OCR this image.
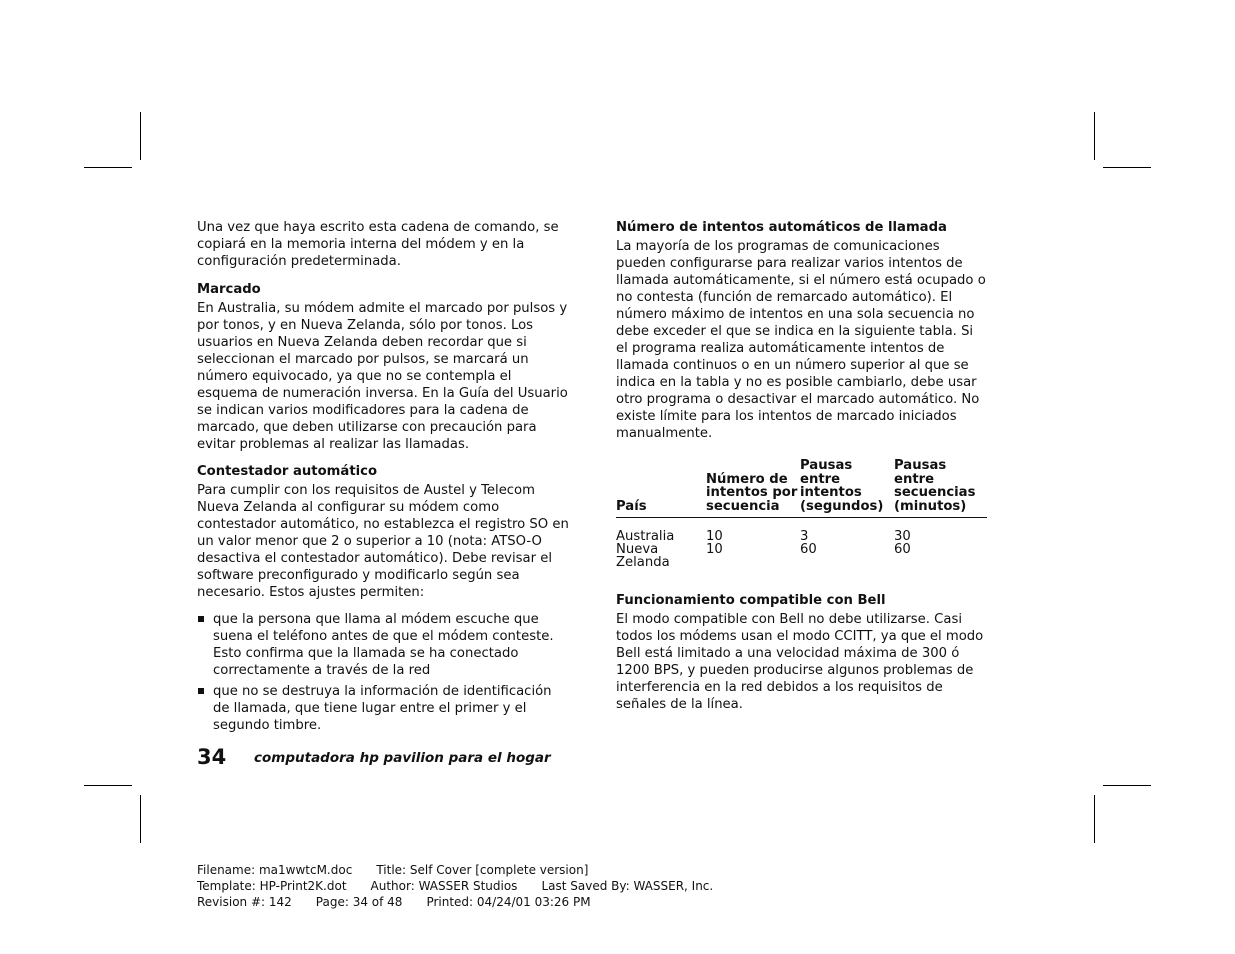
Una vez que haya escrito esta cadena de comando, se copiará en la memoria interna del módem y en la configuración predeterminada.

Marcado

En Australia, su módem admite el marcado por pulsos y por tonos, y en Nueva Zelanda, sólo por tonos. Los usuarios en Nueva Zelanda deben recordar que si seleccionan el marcado por pulsos, se marcará un número equivocado, ya que no se contempla el esquema de numeración inversa. En la Guía del Usuario se indican varios modificadores para la cadena de marcado, que deben utilizarse con precaución para evitar problemas al realizar las llamadas.

Contestador automático

Para cumplir con los requisitos de Austel y Telecom Nueva Zelanda al configurar su módem como contestador automático, no establezca el registro SO en un valor menor que 2 o superior a 10 (nota: ATSO-O desactiva el contestador automático). Debe revisar el software preconfigurado y modificarlo según sea necesario. Estos ajustes permiten:

que la persona que llama al módem escuche que suena el teléfono antes de que el módem conteste. Esto confirma que la llamada se ha conectado correctamente a través de la red
que no se destruya la información de identificación de llamada, que tiene lugar entre el primer y el segundo timbre.

Número de intentos automáticos de llamada

La mayoría de los programas de comunicaciones pueden configurarse para realizar varios intentos de llamada automáticamente, si el número está ocupado o no contesta (función de remarcado automático). El número máximo de intentos en una sola secuencia no debe exceder el que se indica en la siguiente tabla. Si el programa realiza automáticamente intentos de llamada continuos o en un número superior al que se indica en la tabla y no es posible cambiarlo, debe usar otro programa o desactivar el marcado automático. No existe límite para los intentos de marcado iniciados manualmente.

País	Número de intentos por secuencia	Pausas entre intentos (segundos)	Pausas entre secuencias (minutos)
Australia	10	3	30
Nueva Zelanda	10	60	60

Funcionamiento compatible con Bell

El modo compatible con Bell no debe utilizarse. Casi todos los módems usan el modo CCITT, ya que el modo Bell está limitado a una velocidad máxima de 300 ó 1200 BPS, y pueden producirse algunos problemas de interferencia en la red debidos a los requisitos de señales de la línea.

34 computadora hp pavilion para el hogar
Filename: ma1wwtcM.doc Title: Self Cover [complete version]
Template: HP-Print2K.dot Author: WASSER Studios Last Saved By: WASSER, Inc.
Revision #: 142 Page: 34 of 48 Printed: 04/24/01 03:26 PM
